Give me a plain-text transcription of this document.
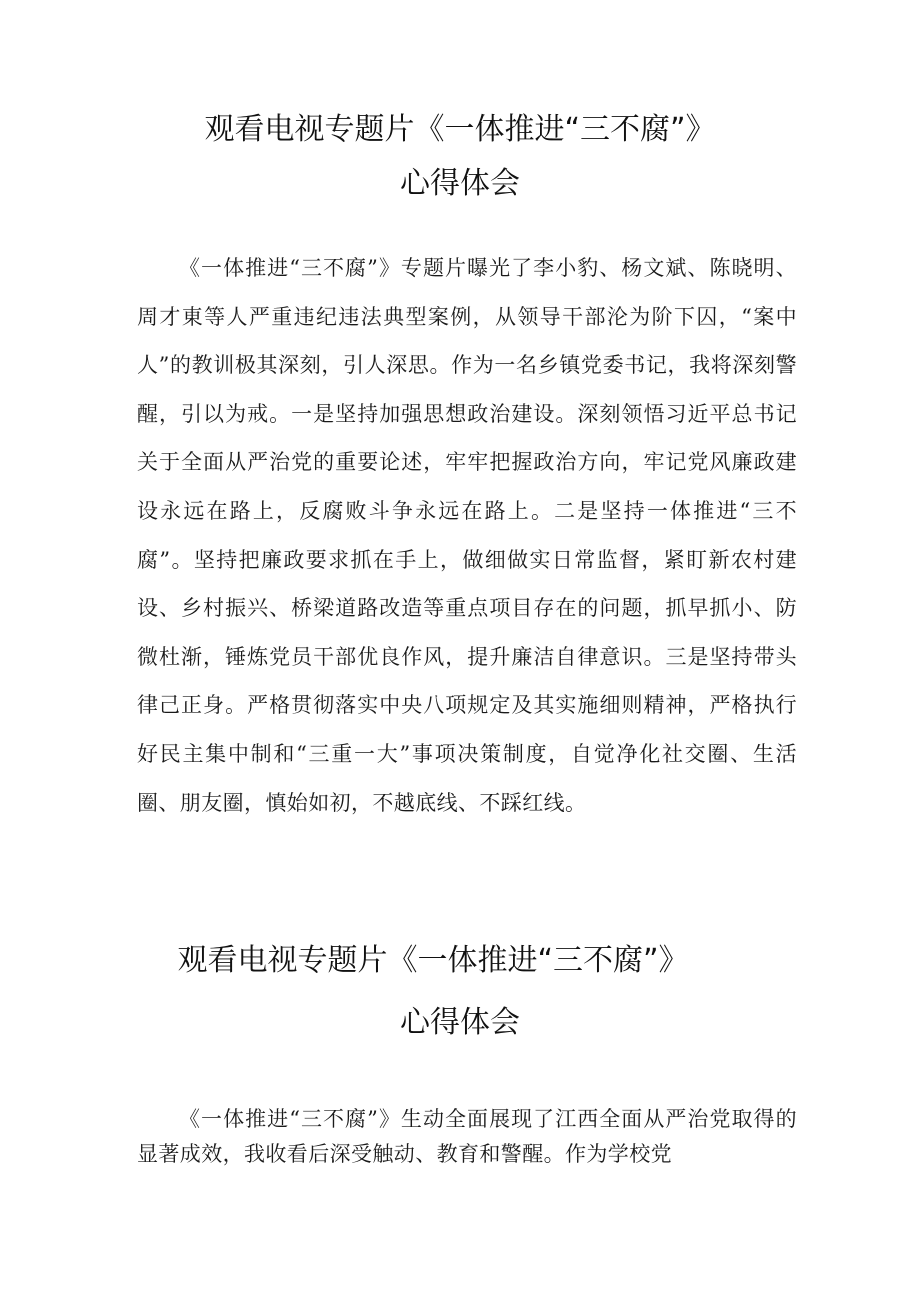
观看电视专题片《一体推进“三不腐”》
心得体会

《一体推进“三不腐”》专题片曝光了李小豹、杨文斌、陈晓明、周才東等人严重违纪违法典型案例，从领导干部沦为阶下囚，“案中人”的教训极其深刻，引人深思。作为一名乡镇党委书记，我将深刻警醒，引以为戒。一是坚持加强思想政治建设。深刻领悟习近平总书记关于全面从严治党的重要论述，牢牢把握政治方向，牢记党风廉政建设永远在路上，反腐败斗争永远在路上。二是坚持一体推进“三不腐”。坚持把廉政要求抓在手上，做细做实日常监督，紧盯新农村建设、乡村振兴、桥梁道路改造等重点项目存在的问题，抓早抓小、防微杜渐，锤炼党员干部优良作风，提升廉洁自律意识。三是坚持带头律己正身。严格贯彻落实中央八项规定及其实施细则精神，严格执行好民主集中制和“三重一大”事项决策制度，自觉净化社交圈、生活圈、朋友圈，慎始如初，不越底线、不踩红线。

观看电视专题片《一体推进“三不腐”》
心得体会

《一体推进“三不腐”》生动全面展现了江西全面从严治党取得的显著成效，我收看后深受触动、教育和警醒。作为学校党
